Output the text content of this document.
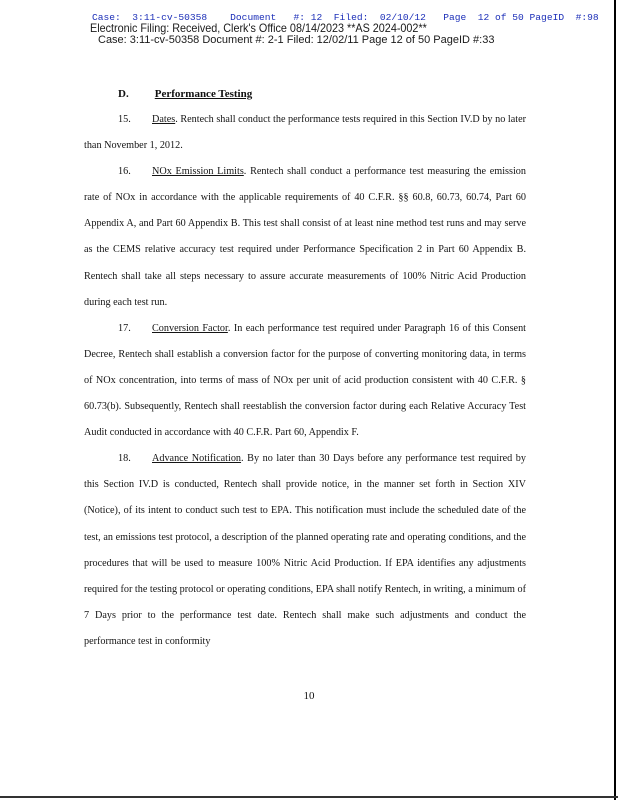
Case:  3:11-cv-50358    Document   #: 12  Filed:  02/10/12   Page  12 of 50 PageID  #:98
Electronic Filing: Received, Clerk's Office 08/14/2023 **AS 2024-002**
Case: 3:11-cv-50358 Document #: 2-1 Filed: 12/02/11 Page 12 of 50 PageID #:33
D. Performance Testing

15. Dates. Rentech shall conduct the performance tests required in this Section IV.D by no later than November 1, 2012.

16. NOx Emission Limits. Rentech shall conduct a performance test measuring the emission rate of NOx in accordance with the applicable requirements of 40 C.F.R. §§ 60.8, 60.73, 60.74, Part 60 Appendix A, and Part 60 Appendix B. This test shall consist of at least nine method test runs and may serve as the CEMS relative accuracy test required under Performance Specification 2 in Part 60 Appendix B. Rentech shall take all steps necessary to assure accurate measurements of 100% Nitric Acid Production during each test run.

17. Conversion Factor. In each performance test required under Paragraph 16 of this Consent Decree, Rentech shall establish a conversion factor for the purpose of converting monitoring data, in terms of NOx concentration, into terms of mass of NOx per unit of acid production consistent with 40 C.F.R. § 60.73(b). Subsequently, Rentech shall reestablish the conversion factor during each Relative Accuracy Test Audit conducted in accordance with 40 C.F.R. Part 60, Appendix F.

18. Advance Notification. By no later than 30 Days before any performance test required by this Section IV.D is conducted, Rentech shall provide notice, in the manner set forth in Section XIV (Notice), of its intent to conduct such test to EPA. This notification must include the scheduled date of the test, an emissions test protocol, a description of the planned operating rate and operating conditions, and the procedures that will be used to measure 100% Nitric Acid Production. If EPA identifies any adjustments required for the testing protocol or operating conditions, EPA shall notify Rentech, in writing, a minimum of 7 Days prior to the performance test date. Rentech shall make such adjustments and conduct the performance test in conformity

10
